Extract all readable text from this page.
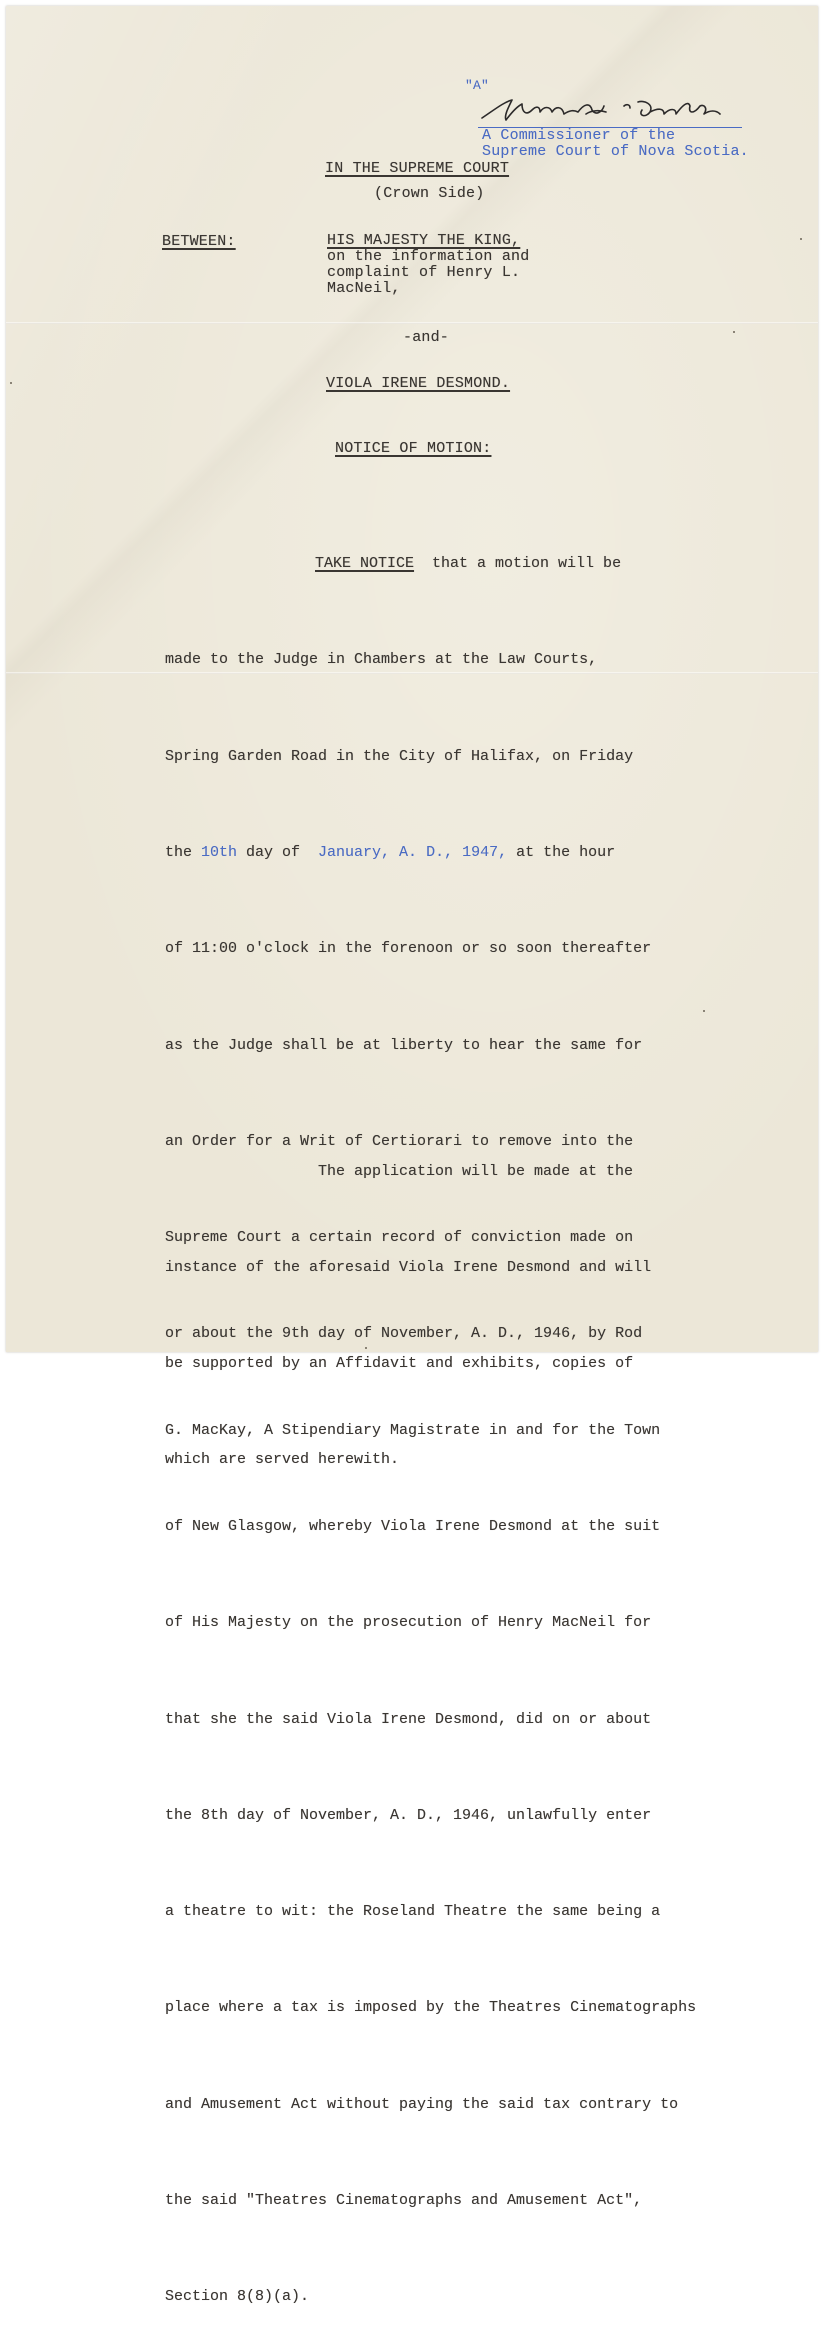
"A"
A Commissioner of the
Supreme Court of Nova Scotia.
IN THE SUPREME COURT
(Crown Side)
BETWEEN:	HIS MAJESTY THE KING,
on the information and
complaint of Henry L.
MacNeil,
-and-
VIOLA IRENE DESMOND.
NOTICE OF MOTION:

TAKE NOTICE  that a motion will be

made to the Judge in Chambers at the Law Courts,

Spring Garden Road in the City of Halifax, on Friday

the 10th day of  January, A. D., 1947, at the hour

of 11:00 o'clock in the forenoon or so soon thereafter

as the Judge shall be at liberty to hear the same for

an Order for a Writ of Certiorari to remove into the

Supreme Court a certain record of conviction made on

or about the 9th day of November, A. D., 1946, by Rod

G. MacKay, A Stipendiary Magistrate in and for the Town

of New Glasgow, whereby Viola Irene Desmond at the suit

of His Majesty on the prosecution of Henry MacNeil for

that she the said Viola Irene Desmond, did on or about

the 8th day of November, A. D., 1946, unlawfully enter

a theatre to wit: the Roseland Theatre the same being a

place where a tax is imposed by the Theatres Cinematographs

and Amusement Act without paying the said tax contrary to

the said "Theatres Cinematographs and Amusement Act",

Section 8(8)(a).

The application will be made at the

instance of the aforesaid Viola Irene Desmond and will

be supported by an Affidavit and exhibits, copies of

which are served herewith.
